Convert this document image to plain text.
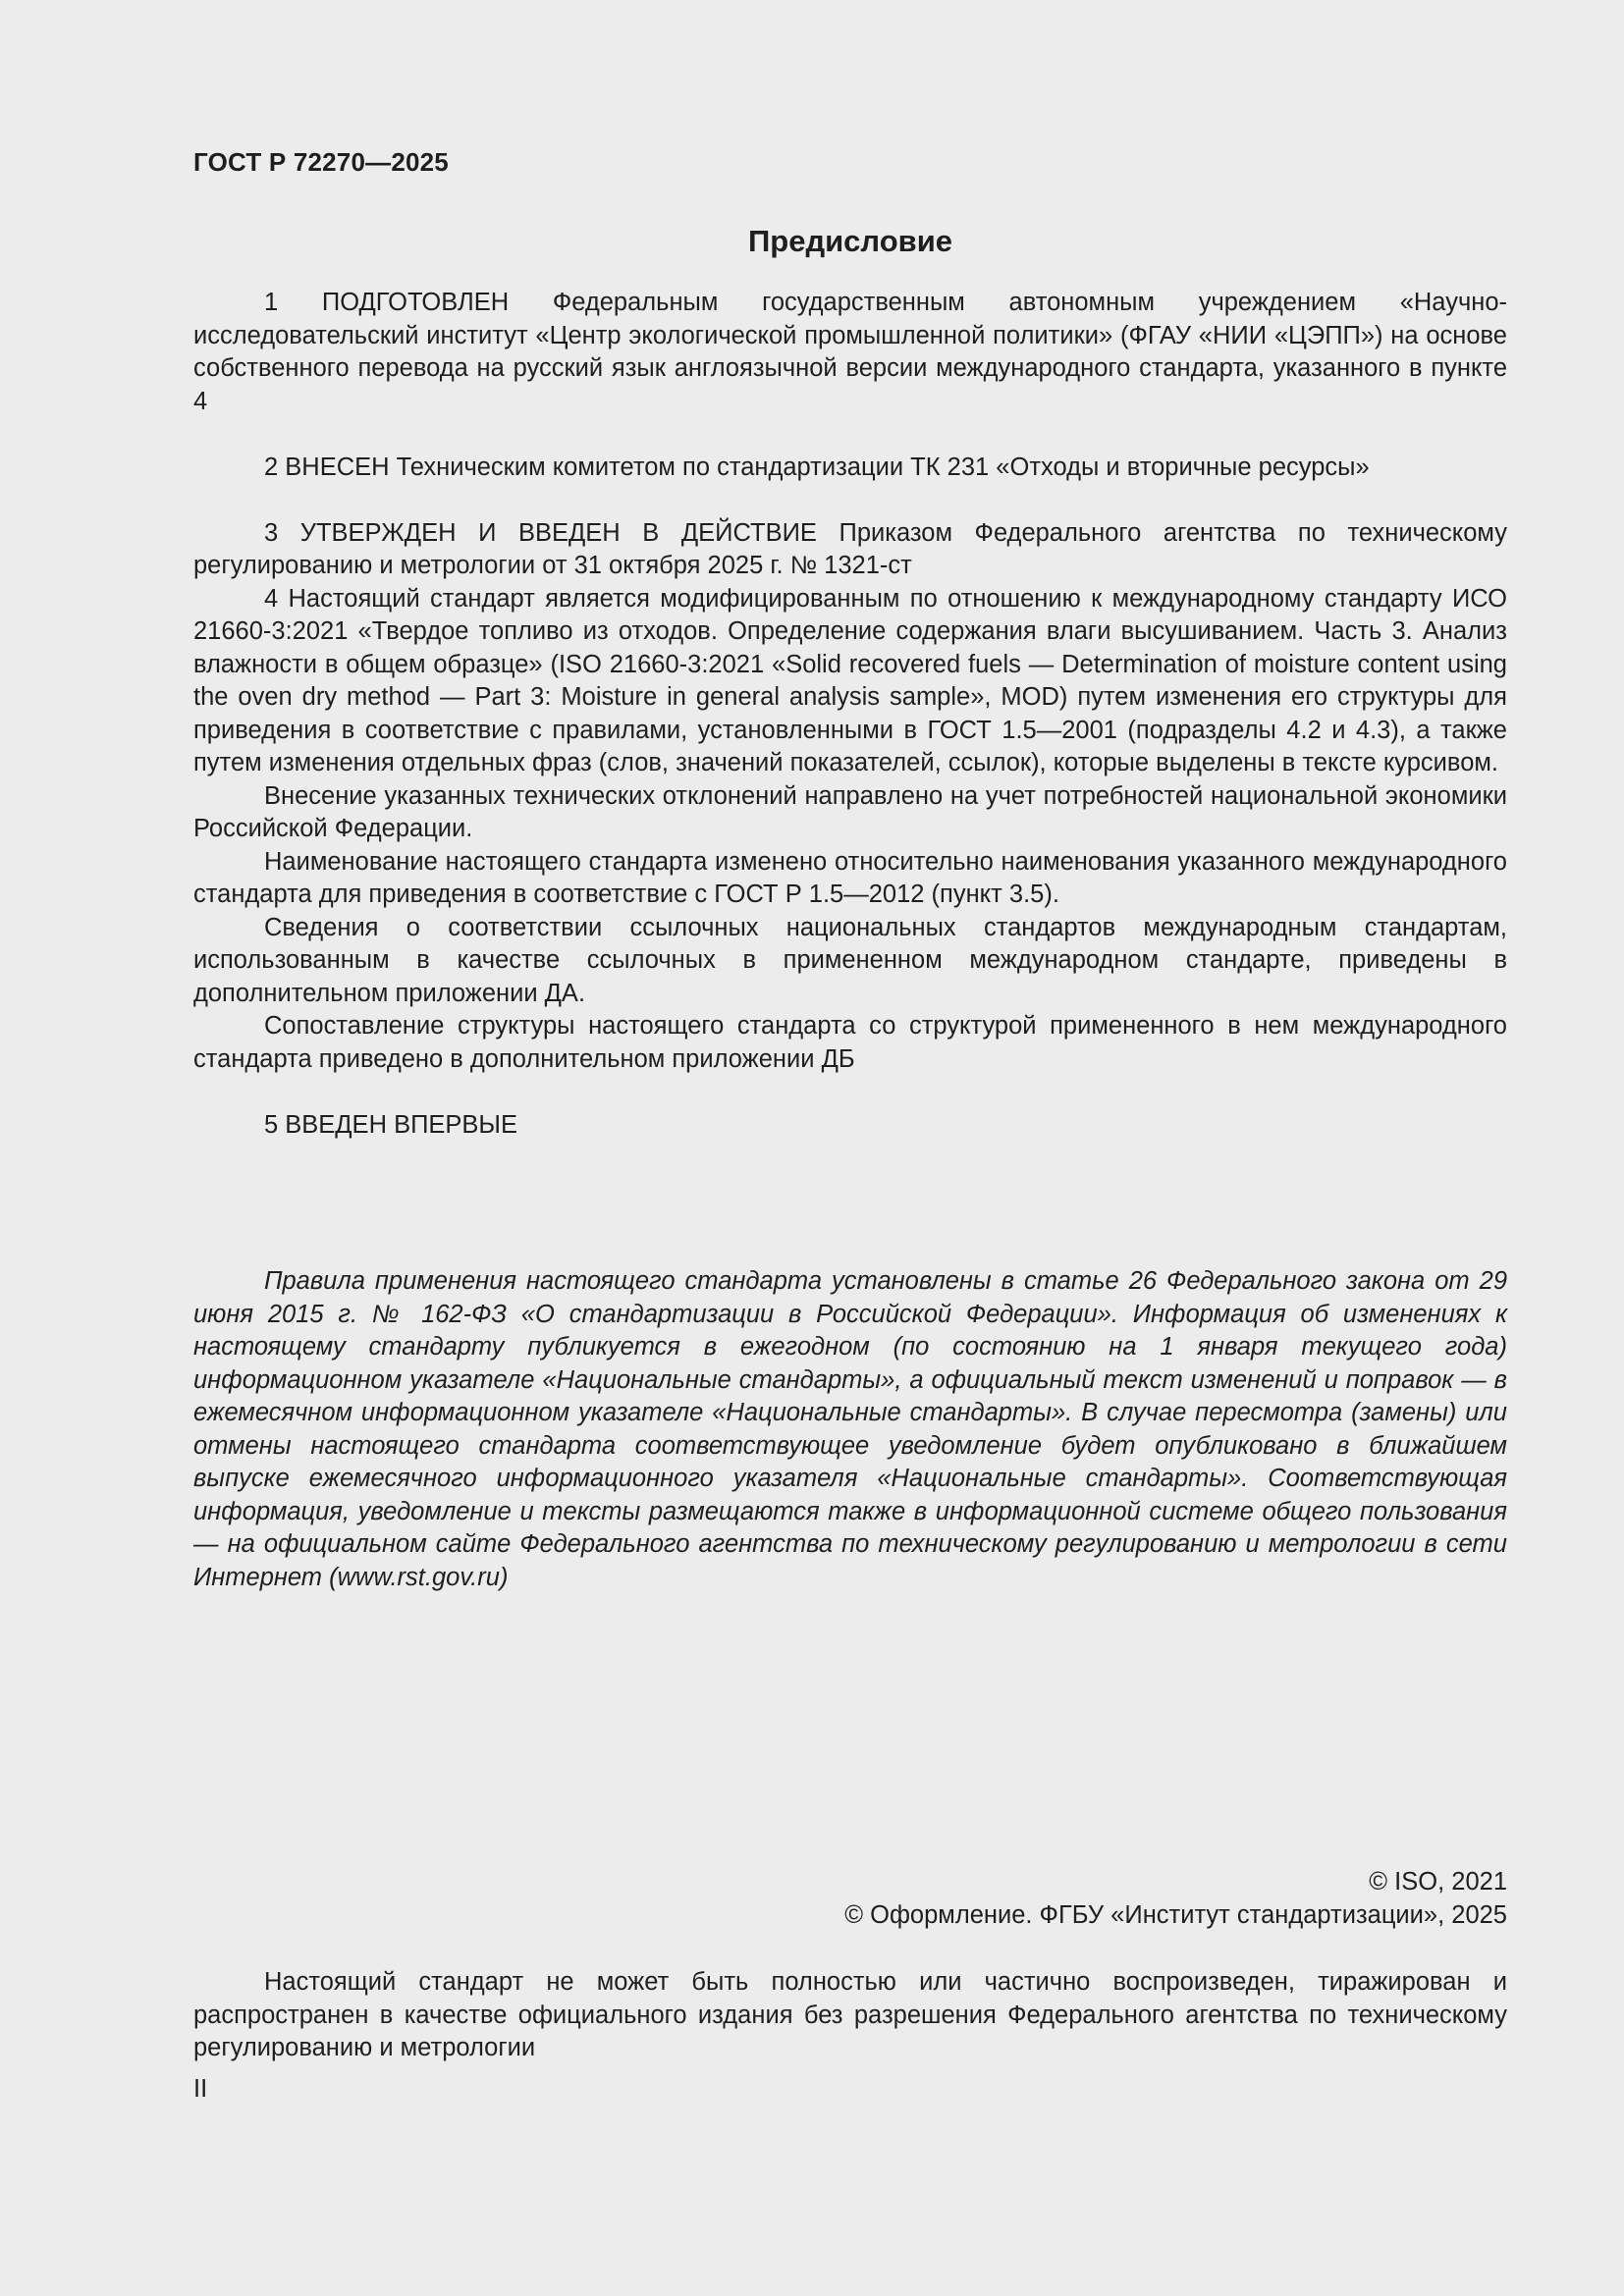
ГОСТ Р 72270—2025
Предисловие

1 ПОДГОТОВЛЕН Федеральным государственным автономным учреждением «Научно-исследовательский институт «Центр экологической промышленной политики» (ФГАУ «НИИ «ЦЭПП») на основе собственного перевода на русский язык англоязычной версии международного стандарта, указанного в пункте 4

2 ВНЕСЕН Техническим комитетом по стандартизации ТК 231 «Отходы и вторичные ресурсы»

3 УТВЕРЖДЕН И ВВЕДЕН В ДЕЙСТВИЕ Приказом Федерального агентства по техническому регулированию и метрологии от 31 октября 2025 г. № 1321-ст

4 Настоящий стандарт является модифицированным по отношению к международному стандарту ИСО 21660-3:2021 «Твердое топливо из отходов. Определение содержания влаги высушиванием. Часть 3. Анализ влажности в общем образце» (ISO 21660-3:2021 «Solid recovered fuels — Determination of moisture content using the oven dry method — Part 3: Moisture in general analysis sample», MOD) путем изменения его структуры для приведения в соответствие с правилами, установленными в ГОСТ 1.5—2001 (подразделы 4.2 и 4.3), а также путем изменения отдельных фраз (слов, значений показателей, ссылок), которые выделены в тексте курсивом.

Внесение указанных технических отклонений направлено на учет потребностей национальной экономики Российской Федерации.

Наименование настоящего стандарта изменено относительно наименования указанного международного стандарта для приведения в соответствие с ГОСТ Р 1.5—2012 (пункт 3.5).

Сведения о соответствии ссылочных национальных стандартов международным стандартам, использованным в качестве ссылочных в примененном международном стандарте, приведены в дополнительном приложении ДА.

Сопоставление структуры настоящего стандарта со структурой примененного в нем международного стандарта приведено в дополнительном приложении ДБ

5 ВВЕДЕН ВПЕРВЫЕ

Правила применения настоящего стандарта установлены в статье 26 Федерального закона от 29 июня 2015 г. № 162-ФЗ «О стандартизации в Российской Федерации». Информация об изменениях к настоящему стандарту публикуется в ежегодном (по состоянию на 1 января текущего года) информационном указателе «Национальные стандарты», а официальный текст изменений и поправок — в ежемесячном информационном указателе «Национальные стандарты». В случае пересмотра (замены) или отмены настоящего стандарта соответствующее уведомление будет опубликовано в ближайшем выпуске ежемесячного информационного указателя «Национальные стандарты». Соответствующая информация, уведомление и тексты размещаются также в информационной системе общего пользования — на официальном сайте Федерального агентства по техническому регулированию и метрологии в сети Интернет (www.rst.gov.ru)

© ISO, 2021
© Оформление. ФГБУ «Институт стандартизации», 2025

Настоящий стандарт не может быть полностью или частично воспроизведен, тиражирован и распространен в качестве официального издания без разрешения Федерального агентства по техническому регулированию и метрологии

II
